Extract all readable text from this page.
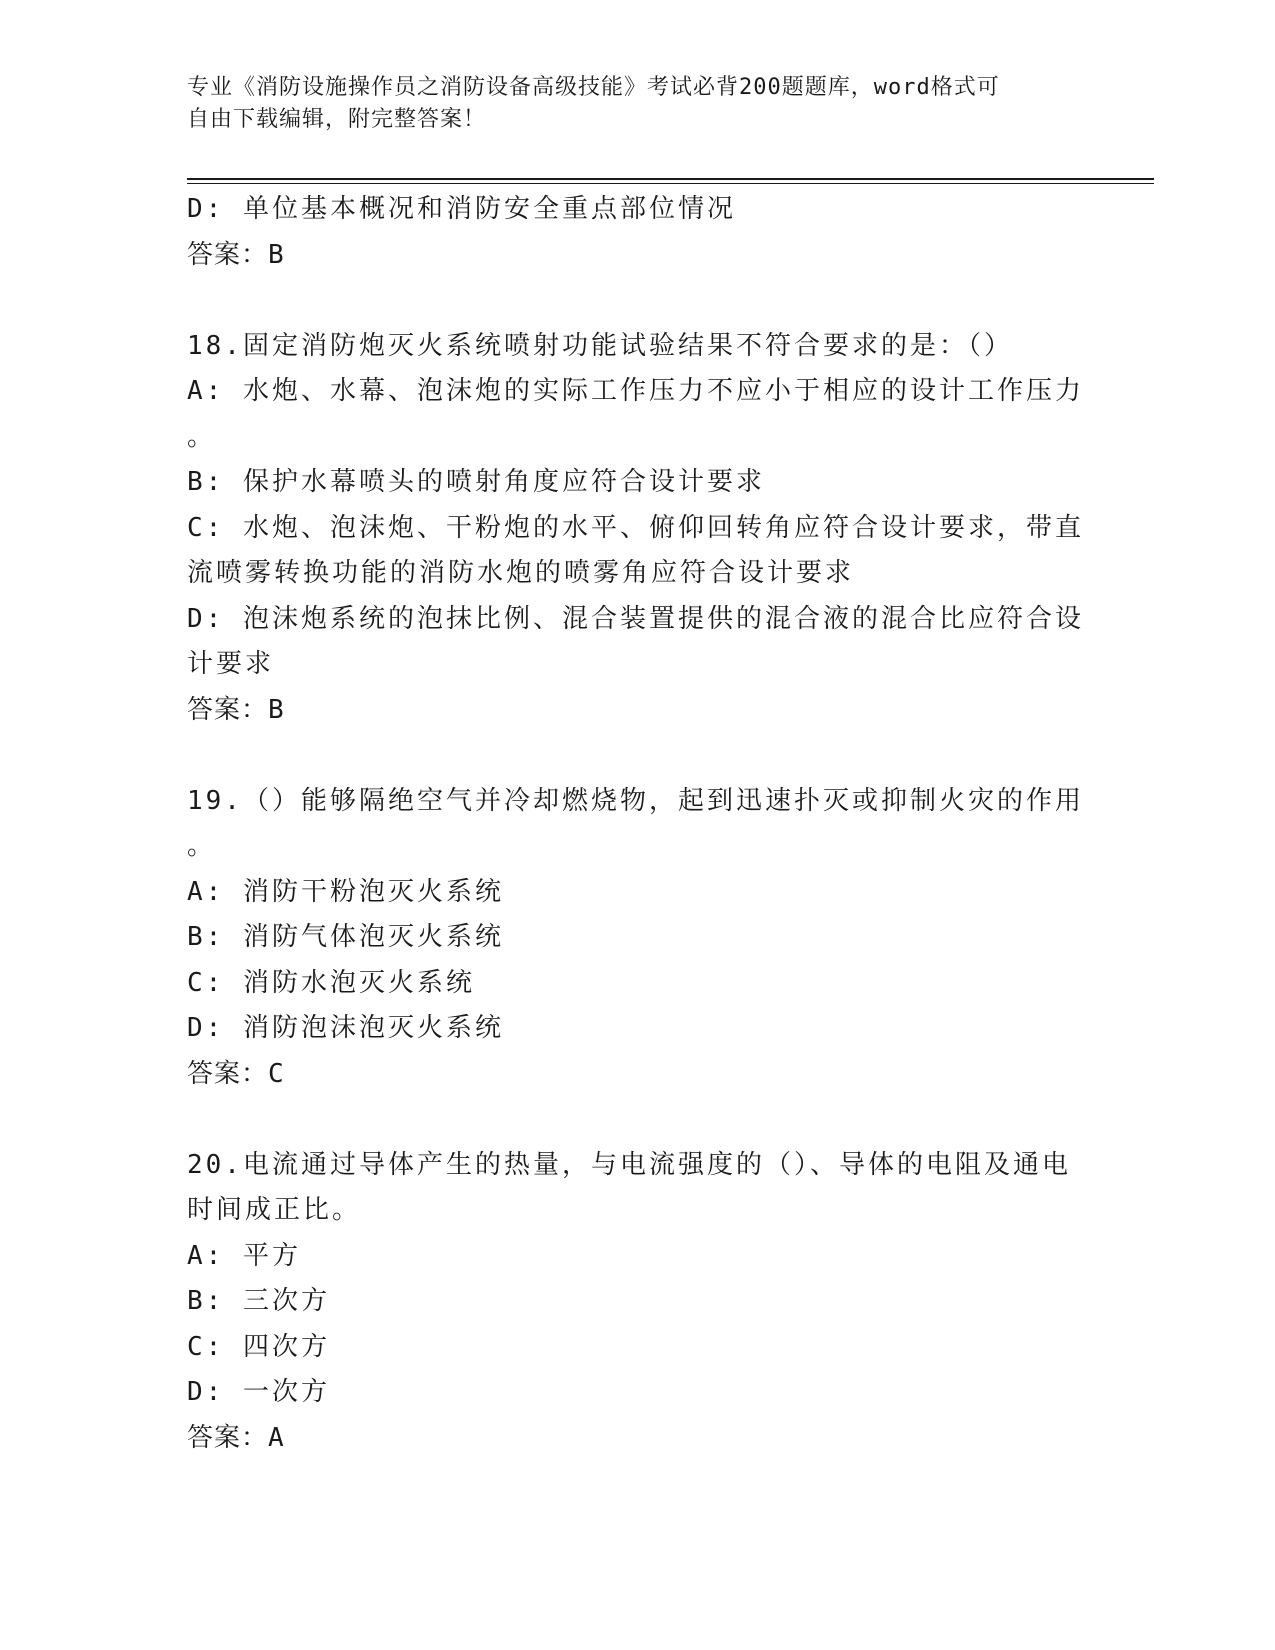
专业《消防设施操作员之消防设备高级技能》考试必背200题题库，word格式可
自由下载编辑，附完整答案！
D: 单位基本概况和消防安全重点部位情况
答案：B
18.固定消防炮灭火系统喷射功能试验结果不符合要求的是：（）
A: 水炮、水幕、泡沫炮的实际工作压力不应小于相应的设计工作压力
。
B: 保护水幕喷头的喷射角度应符合设计要求
C: 水炮、泡沫炮、干粉炮的水平、俯仰回转角应符合设计要求，带直
流喷雾转换功能的消防水炮的喷雾角应符合设计要求
D: 泡沫炮系统的泡抹比例、混合装置提供的混合液的混合比应符合设
计要求
答案：B
19.（）能够隔绝空气并冷却燃烧物，起到迅速扑灭或抑制火灾的作用
。
A: 消防干粉泡灭火系统
B: 消防气体泡灭火系统
C: 消防水泡灭火系统
D: 消防泡沫泡灭火系统
答案：C
20.电流通过导体产生的热量，与电流强度的（）、导体的电阻及通电
时间成正比。
A: 平方
B: 三次方
C: 四次方
D: 一次方
答案：A
